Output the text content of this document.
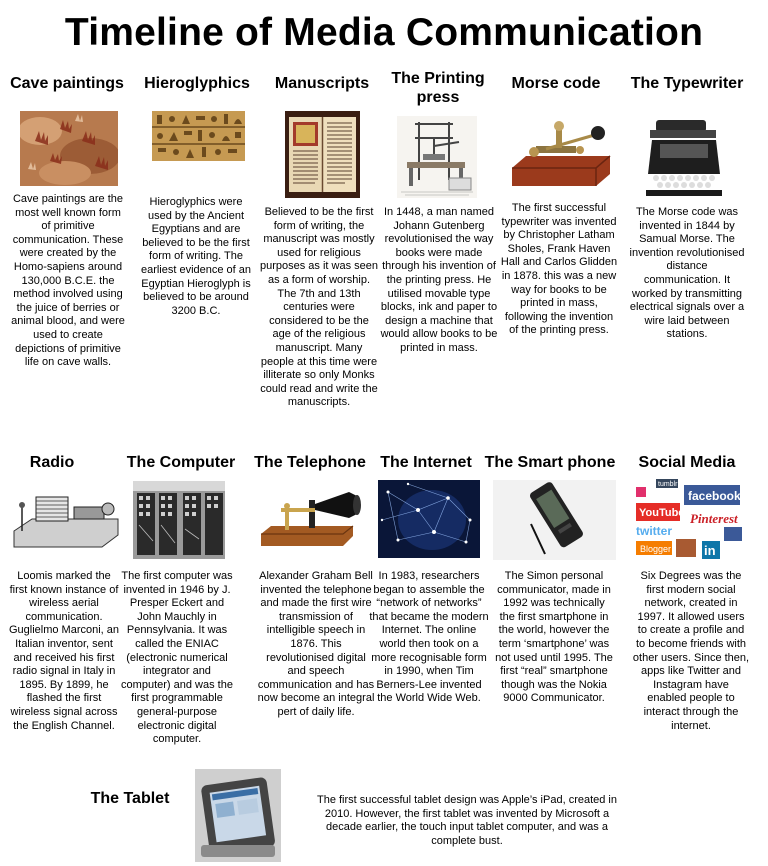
Timeline of Media Communication
Cave paintings
Cave paintings are the most well known form of primitive communication. These were created by the Homo-sapiens around 130,000 B.C.E. the method involved using the juice of berries or animal blood, and were used to create depictions of primitive life on cave walls.
Hieroglyphics
Hieroglyphics were used by the Ancient Egyptians and are believed to be the first form of writing. The earliest evidence of an Egyptian Hieroglyph is believed to be around 3200 B.C.
Manuscripts
Believed to be the first form of writing, the manuscript was mostly used for religious purposes as it was seen as a form of worship. The 7th and 13th centuries were considered to be the age of the religious manuscript. Many people at this time were illiterate so only Monks could read and write the manuscripts.
The Printing press
In 1448, a man named Johann Gutenberg revolutionised the way books were made through his invention of the printing press. He utilised movable type blocks, ink and paper to design a machine that would allow books to be printed in mass.
Morse code
The first successful typewriter was invented by Christopher Latham Sholes, Frank Haven Hall and Carlos Glidden in 1878. this was a new way for books to be printed in mass, following the invention of the printing press.
The Typewriter
The Morse code was invented in 1844 by Samual Morse. The invention revolutionised distance communication. It worked by transmitting electrical signals over a wire laid between stations.
Radio
Loomis marked the first known instance of wireless aerial communication. Guglielmo Marconi, an Italian inventor, sent and received his first radio signal in Italy in 1895. By 1899, he flashed the first wireless signal across the English Channel.
The Computer
The first computer was invented in 1946 by J. Presper Eckert and John Mauchly in Pennsylvania. It was called the ENIAC (electronic numerical integrator and computer) and was the first programmable general-purpose electronic digital computer.
The Telephone
Alexander Graham Bell invented the telephone and made the first wire transmission of intelligible speech in 1876. This revolutionised digital and speech communication and has now become an integral pert of daily life.
The Internet
In 1983, researchers began to assemble the “network of networks” that became the modern Internet. The online world then took on a more recognisable form in 1990, when Tim Berners-Lee invented the World Wide Web.
The Smart phone
The Simon personal communicator, made in 1992 was technically the first smartphone in the world, however the term ‘smartphone’ was not used until 1995. The first “real” smartphone though was the Nokia 9000 Communicator.
Social Media
tumblr
facebook
YouTube
twitter
Pinterest
Blogger	in
Six Degrees was the first modern social network, created in 1997. It allowed users to create a profile and to become friends with other users. Since then, apps like Twitter and Instagram have enabled people to interact through the internet.
The Tablet	The first successful tablet design was Apple’s iPad, created in 2010. However, the first tablet was invented by Microsoft a decade earlier, the touch input tablet computer, and was a complete bust.
